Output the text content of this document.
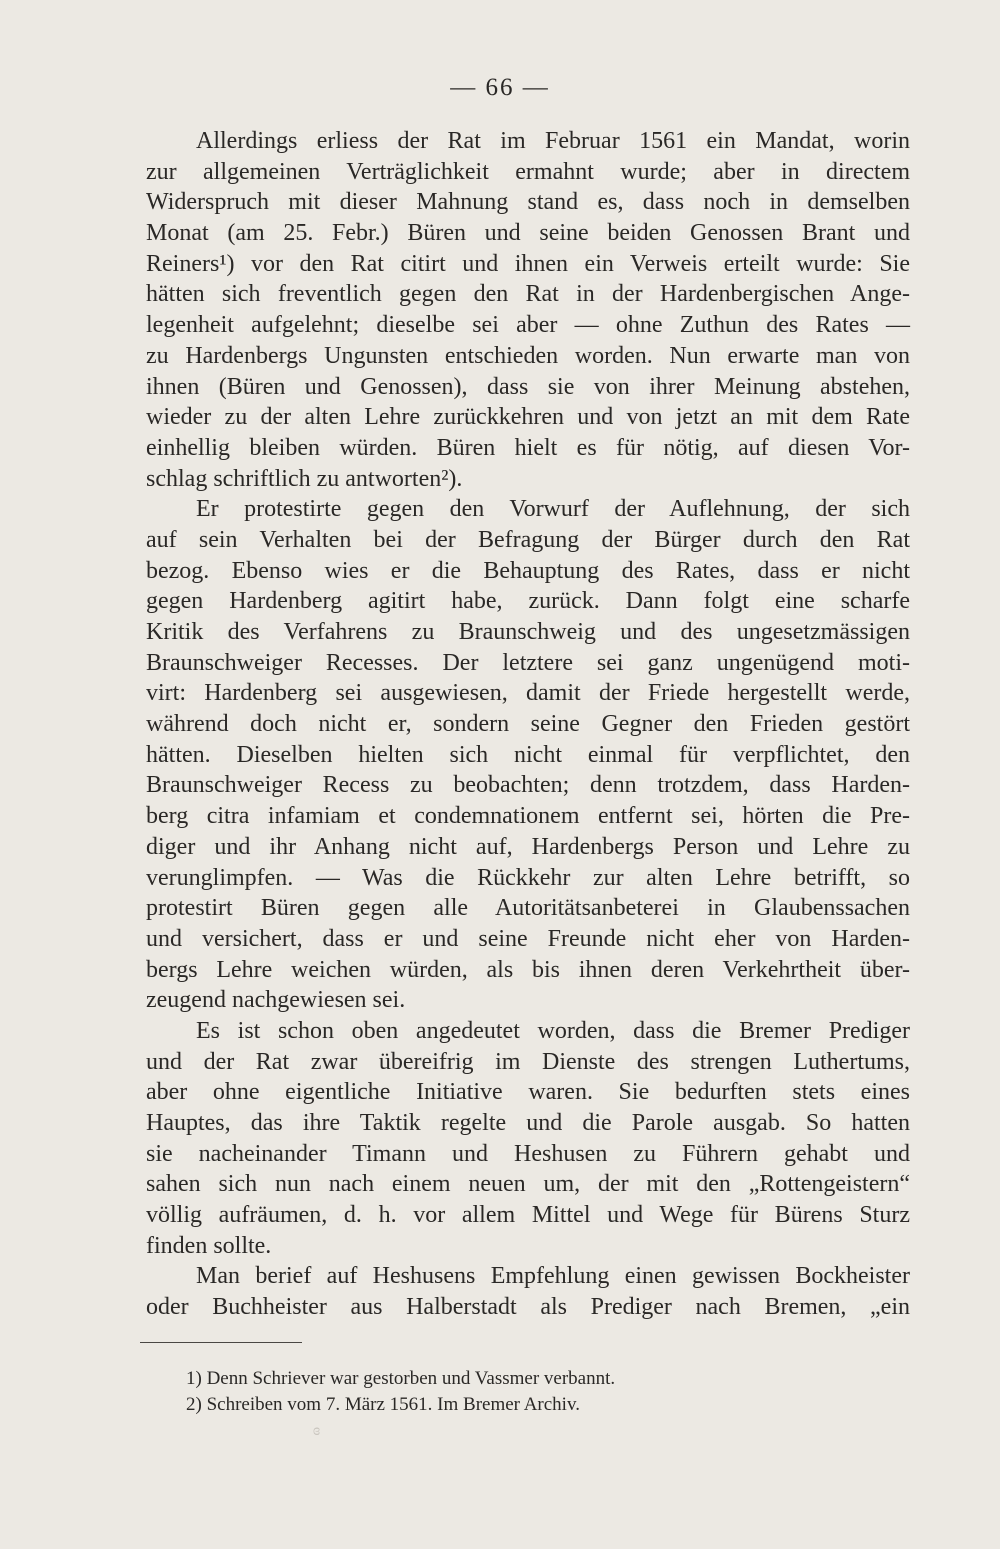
— 66 —
Allerdings erliess der Rat im Februar 1561 ein Mandat, worin
zur allgemeinen Verträglichkeit ermahnt wurde; aber in directem
Widerspruch mit dieser Mahnung stand es, dass noch in demselben
Monat (am 25. Febr.) Büren und seine beiden Genossen Brant und
Reiners¹) vor den Rat citirt und ihnen ein Verweis erteilt wurde: Sie
hätten sich freventlich gegen den Rat in der Hardenbergischen Ange-
legenheit aufgelehnt; dieselbe sei aber — ohne Zuthun des Rates —
zu Hardenbergs Ungunsten entschieden worden. Nun erwarte man von
ihnen (Büren und Genossen), dass sie von ihrer Meinung abstehen,
wieder zu der alten Lehre zurückkehren und von jetzt an mit dem Rate
einhellig bleiben würden. Büren hielt es für nötig, auf diesen Vor-
schlag schriftlich zu antworten²).
Er protestirte gegen den Vorwurf der Auflehnung, der sich
auf sein Verhalten bei der Befragung der Bürger durch den Rat
bezog. Ebenso wies er die Behauptung des Rates, dass er nicht
gegen Hardenberg agitirt habe, zurück. Dann folgt eine scharfe
Kritik des Verfahrens zu Braunschweig und des ungesetzmässigen
Braunschweiger Recesses. Der letztere sei ganz ungenügend moti-
virt: Hardenberg sei ausgewiesen, damit der Friede hergestellt werde,
während doch nicht er, sondern seine Gegner den Frieden gestört
hätten. Dieselben hielten sich nicht einmal für verpflichtet, den
Braunschweiger Recess zu beobachten; denn trotzdem, dass Harden-
berg citra infamiam et condemnationem entfernt sei, hörten die Pre-
diger und ihr Anhang nicht auf, Hardenbergs Person und Lehre zu
verunglimpfen. — Was die Rückkehr zur alten Lehre betrifft, so
protestirt Büren gegen alle Autoritätsanbeterei in Glaubenssachen
und versichert, dass er und seine Freunde nicht eher von Harden-
bergs Lehre weichen würden, als bis ihnen deren Verkehrtheit über-
zeugend nachgewiesen sei.
Es ist schon oben angedeutet worden, dass die Bremer Prediger
und der Rat zwar übereifrig im Dienste des strengen Luthertums,
aber ohne eigentliche Initiative waren. Sie bedurften stets eines
Hauptes, das ihre Taktik regelte und die Parole ausgab. So hatten
sie nacheinander Timann und Heshusen zu Führern gehabt und
sahen sich nun nach einem neuen um, der mit den „Rottengeistern“
völlig aufräumen, d. h. vor allem Mittel und Wege für Bürens Sturz
finden sollte.
Man berief auf Heshusens Empfehlung einen gewissen Bockheister
oder Buchheister aus Halberstadt als Prediger nach Bremen, „ein
1) Denn Schriever war gestorben und Vassmer verbannt.
2) Schreiben vom 7. März 1561. Im Bremer Archiv.
ɞ
